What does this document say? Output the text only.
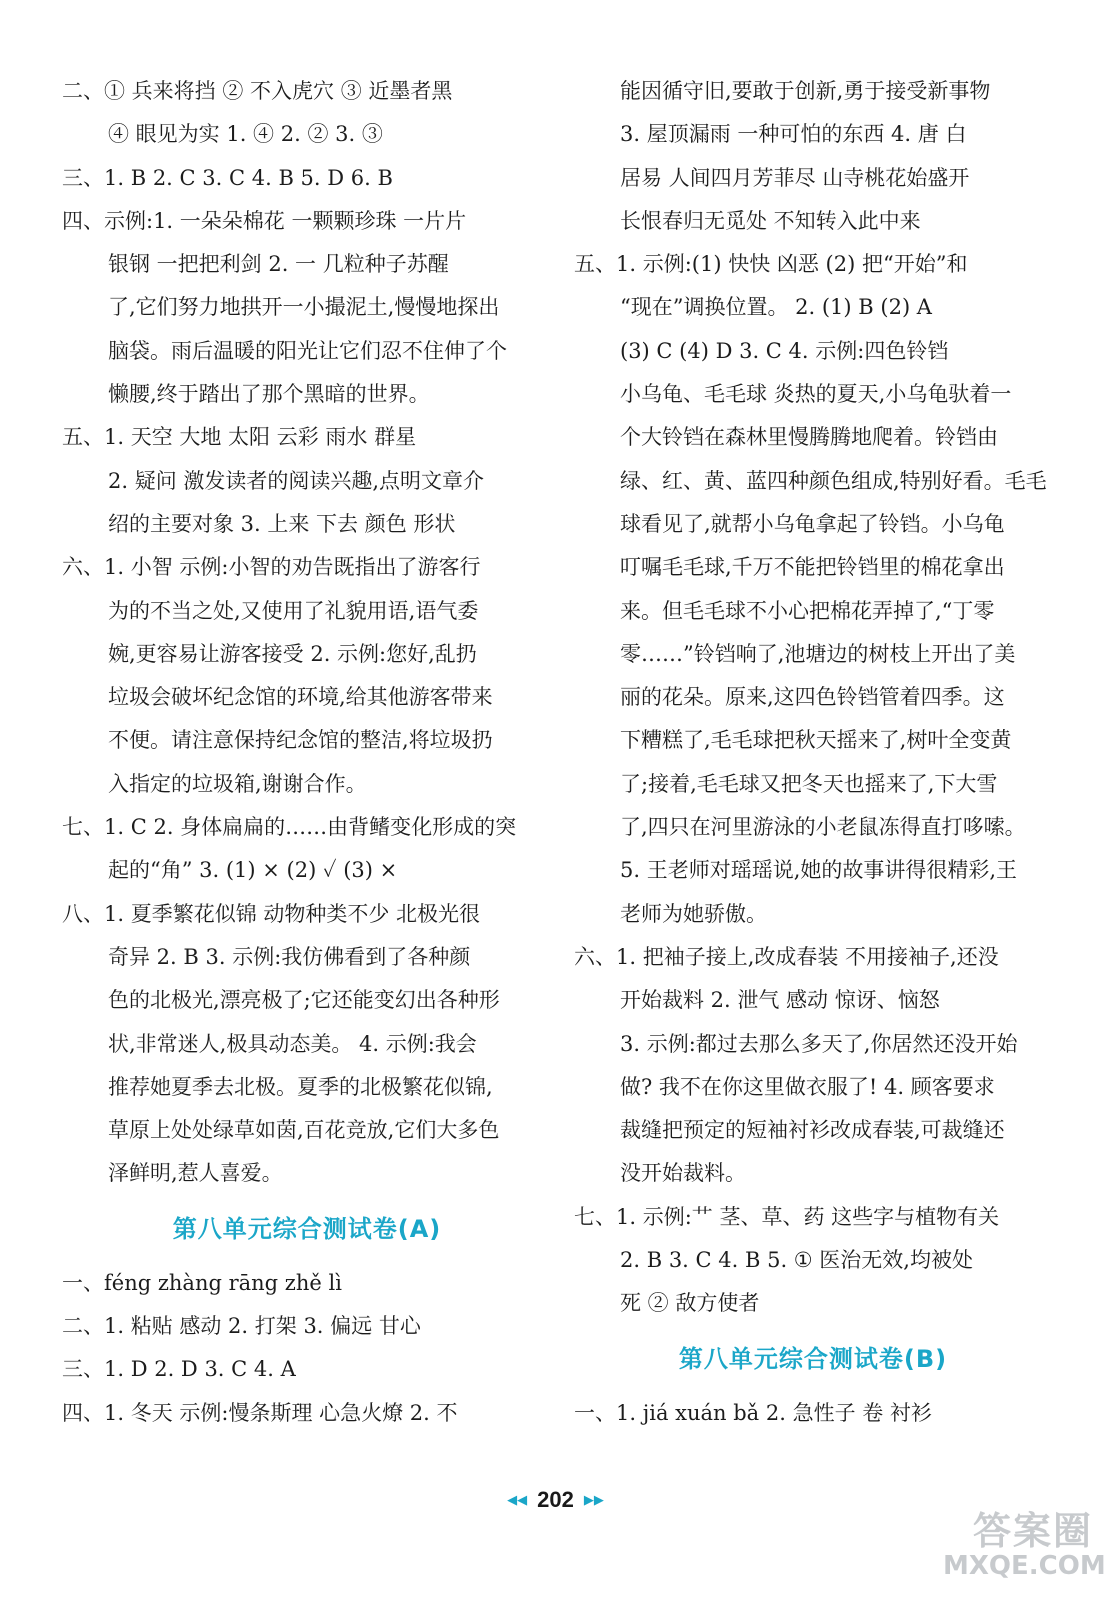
二、① 兵来将挡 ② 不入虎穴 ③ 近墨者黑
④ 眼见为实 1. ④ 2. ② 3. ③
三、1. B 2. C 3. C 4. B 5. D 6. B
四、示例:1. 一朵朵棉花 一颗颗珍珠 一片片
银钢 一把把利剑 2. 一 几粒种子苏醒
了,它们努力地拱开一小撮泥土,慢慢地探出
脑袋。雨后温暖的阳光让它们忍不住伸了个
懒腰,终于踏出了那个黑暗的世界。
五、1. 天空 大地 太阳 云彩 雨水 群星
2. 疑问 激发读者的阅读兴趣,点明文章介
绍的主要对象 3. 上来 下去 颜色 形状
六、1. 小智 示例:小智的劝告既指出了游客行
为的不当之处,又使用了礼貌用语,语气委
婉,更容易让游客接受 2. 示例:您好,乱扔
垃圾会破坏纪念馆的环境,给其他游客带来
不便。请注意保持纪念馆的整洁,将垃圾扔
入指定的垃圾箱,谢谢合作。
七、1. C 2. 身体扁扁的……由背鳍变化形成的突
起的“角” 3. (1) × (2) ✓ (3) ×
八、1. 夏季繁花似锦 动物种类不少 北极光很
奇异 2. B 3. 示例:我仿佛看到了各种颜
色的北极光,漂亮极了;它还能变幻出各种形
状,非常迷人,极具动态美。 4. 示例:我会
推荐她夏季去北极。夏季的北极繁花似锦,
草原上处处绿草如茵,百花竞放,它们大多色
泽鲜明,惹人喜爱。
第八单元综合测试卷(A)
一、féng zhàng rāng zhě lì
二、1. 粘贴 感动 2. 打架 3. 偏远 甘心
三、1. D 2. D 3. C 4. A
四、1. 冬天 示例:慢条斯理 心急火燎 2. 不
能因循守旧,要敢于创新,勇于接受新事物
3. 屋顶漏雨 一种可怕的东西 4. 唐 白
居易 人间四月芳菲尽 山寺桃花始盛开
长恨春归无觅处 不知转入此中来
五、1. 示例:(1) 快快 凶恶 (2) 把“开始”和
“现在”调换位置。 2. (1) B (2) A
(3) C (4) D 3. C 4. 示例:四色铃铛
小乌龟、毛毛球 炎热的夏天,小乌龟驮着一
个大铃铛在森林里慢腾腾地爬着。铃铛由
绿、红、黄、蓝四种颜色组成,特别好看。毛毛
球看见了,就帮小乌龟拿起了铃铛。小乌龟
叮嘱毛毛球,千万不能把铃铛里的棉花拿出
来。但毛毛球不小心把棉花弄掉了,“丁零
零……”铃铛响了,池塘边的树枝上开出了美
丽的花朵。原来,这四色铃铛管着四季。这
下糟糕了,毛毛球把秋天摇来了,树叶全变黄
了;接着,毛毛球又把冬天也摇来了,下大雪
了,四只在河里游泳的小老鼠冻得直打哆嗦。
5. 王老师对瑶瑶说,她的故事讲得很精彩,王
老师为她骄傲。
六、1. 把袖子接上,改成春装 不用接袖子,还没
开始裁料 2. 泄气 感动 惊讶、恼怒
3. 示例:都过去那么多天了,你居然还没开始
做? 我不在你这里做衣服了! 4. 顾客要求
裁缝把预定的短袖衬衫改成春装,可裁缝还
没开始裁料。
七、1. 示例:艹 茎、草、药 这些字与植物有关
2. B 3. C 4. B 5. ① 医治无效,均被处
死 ② 敌方使者
第八单元综合测试卷(B)
一、1. jiá xuán bǎ 2. 急性子 卷 衬衫
◀◀ 202 ▶▶
答案圈
MXQE.COM
